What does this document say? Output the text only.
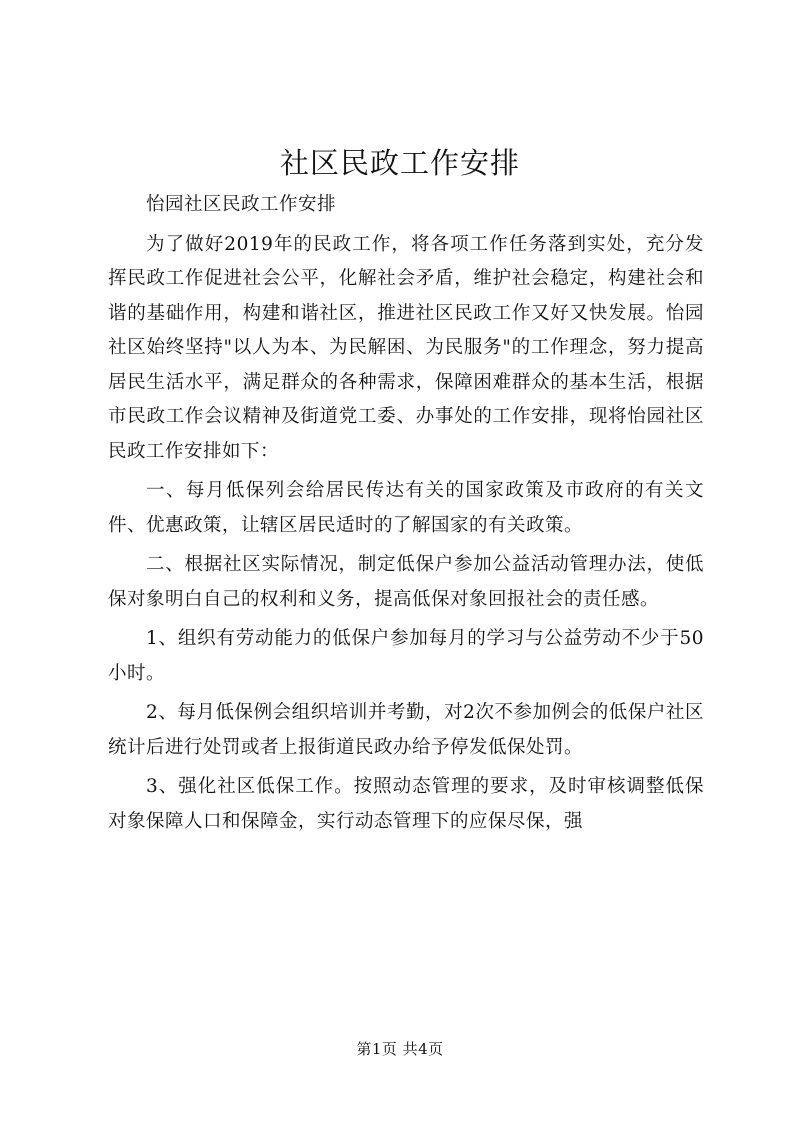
社区民政工作安排

怡园社区民政工作安排

为了做好2019年的民政工作，将各项工作任务落到实处，充分发挥民政工作促进社会公平，化解社会矛盾，维护社会稳定，构建社会和谐的基础作用，构建和谐社区，推进社区民政工作又好又快发展。怡园社区始终坚持"以人为本、为民解困、为民服务"的工作理念，努力提高居民生活水平，满足群众的各种需求，保障困难群众的基本生活，根据市民政工作会议精神及街道党工委、办事处的工作安排，现将怡园社区民政工作安排如下：

一、每月低保列会给居民传达有关的国家政策及市政府的有关文件、优惠政策，让辖区居民适时的了解国家的有关政策。

二、根据社区实际情况，制定低保户参加公益活动管理办法，使低保对象明白自己的权利和义务，提高低保对象回报社会的责任感。

1、组织有劳动能力的低保户参加每月的学习与公益劳动不少于50小时。

2、每月低保例会组织培训并考勤，对2次不参加例会的低保户社区统计后进行处罚或者上报街道民政办给予停发低保处罚。

3、强化社区低保工作。按照动态管理的要求，及时审核调整低保对象保障人口和保障金，实行动态管理下的应保尽保，强

第1页 共4页
